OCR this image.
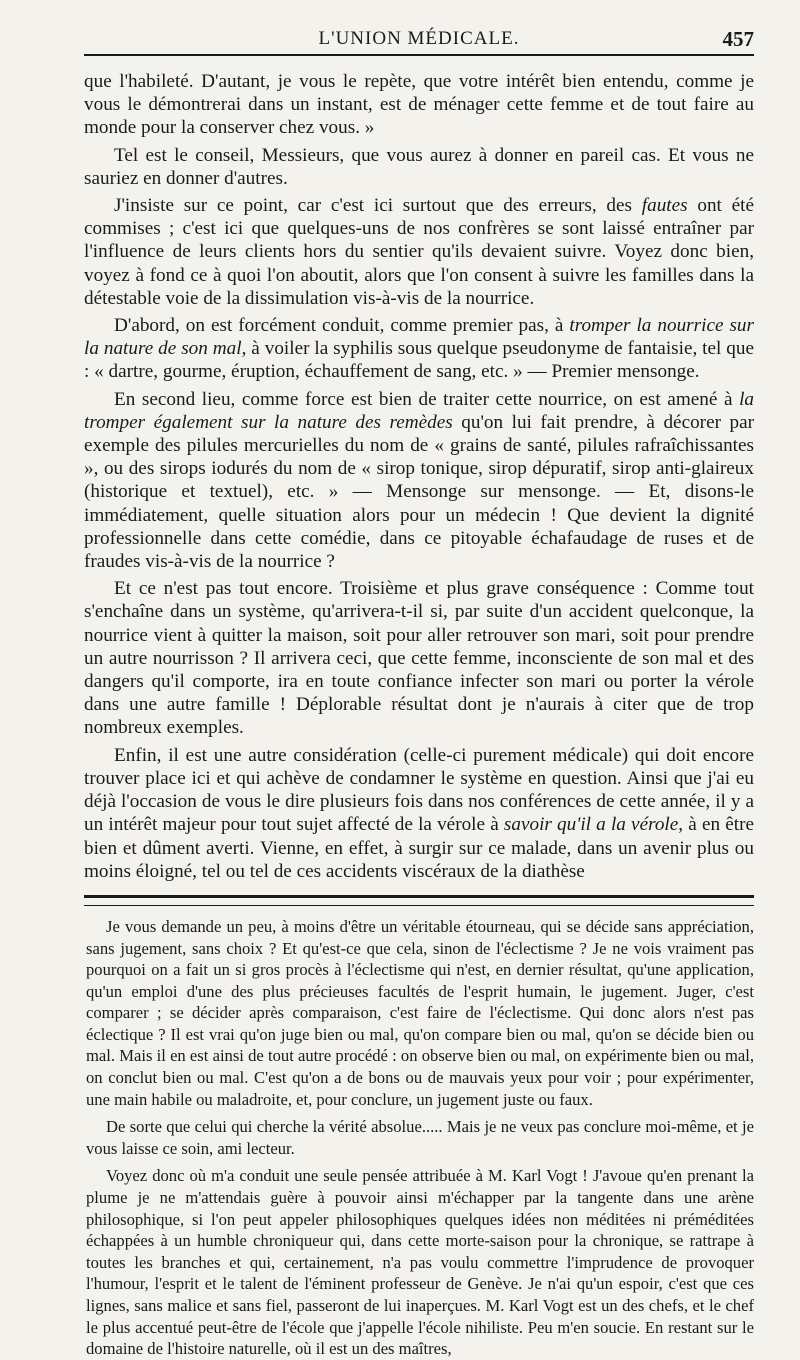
L'UNION MÉDICALE.	457

que l'habileté. D'autant, je vous le repète, que votre intérêt bien entendu, comme je vous le démontrerai dans un instant, est de ménager cette femme et de tout faire au monde pour la conserver chez vous. »

Tel est le conseil, Messieurs, que vous aurez à donner en pareil cas. Et vous ne sauriez en donner d'autres.

J'insiste sur ce point, car c'est ici surtout que des erreurs, des fautes ont été commises ; c'est ici que quelques-uns de nos confrères se sont laissé entraîner par l'influence de leurs clients hors du sentier qu'ils devaient suivre. Voyez donc bien, voyez à fond ce à quoi l'on aboutit, alors que l'on consent à suivre les familles dans la détestable voie de la dissimulation vis-à-vis de la nourrice.

D'abord, on est forcément conduit, comme premier pas, à tromper la nourrice sur la nature de son mal, à voiler la syphilis sous quelque pseudonyme de fantaisie, tel que : « dartre, gourme, éruption, échauffement de sang, etc. » — Premier mensonge.

En second lieu, comme force est bien de traiter cette nourrice, on est amené à la tromper également sur la nature des remèdes qu'on lui fait prendre, à décorer par exemple des pilules mercurielles du nom de « grains de santé, pilules rafraîchissantes », ou des sirops iodurés du nom de « sirop tonique, sirop dépuratif, sirop anti-glaireux (historique et textuel), etc. » — Mensonge sur mensonge. — Et, disons-le immédiatement, quelle situation alors pour un médecin ! Que devient la dignité professionnelle dans cette comédie, dans ce pitoyable échafaudage de ruses et de fraudes vis-à-vis de la nourrice ?

Et ce n'est pas tout encore. Troisième et plus grave conséquence : Comme tout s'enchaîne dans un système, qu'arrivera-t-il si, par suite d'un accident quelconque, la nourrice vient à quitter la maison, soit pour aller retrouver son mari, soit pour prendre un autre nourrisson ? Il arrivera ceci, que cette femme, inconsciente de son mal et des dangers qu'il comporte, ira en toute confiance infecter son mari ou porter la vérole dans une autre famille ! Déplorable résultat dont je n'aurais à citer que de trop nombreux exemples.

Enfin, il est une autre considération (celle-ci purement médicale) qui doit encore trouver place ici et qui achève de condamner le système en question. Ainsi que j'ai eu déjà l'occasion de vous le dire plusieurs fois dans nos conférences de cette année, il y a un intérêt majeur pour tout sujet affecté de la vérole à savoir qu'il a la vérole, à en être bien et dûment averti. Vienne, en effet, à surgir sur ce malade, dans un avenir plus ou moins éloigné, tel ou tel de ces accidents viscéraux de la diathèse

Je vous demande un peu, à moins d'être un véritable étourneau, qui se décide sans appréciation, sans jugement, sans choix ? Et qu'est-ce que cela, sinon de l'éclectisme ? Je ne vois vraiment pas pourquoi on a fait un si gros procès à l'éclectisme qui n'est, en dernier résultat, qu'une application, qu'un emploi d'une des plus précieuses facultés de l'esprit humain, le jugement. Juger, c'est comparer ; se décider après comparaison, c'est faire de l'éclectisme. Qui donc alors n'est pas éclectique ? Il est vrai qu'on juge bien ou mal, qu'on compare bien ou mal, qu'on se décide bien ou mal. Mais il en est ainsi de tout autre procédé : on observe bien ou mal, on expérimente bien ou mal, on conclut bien ou mal. C'est qu'on a de bons ou de mauvais yeux pour voir ; pour expérimenter, une main habile ou maladroite, et, pour conclure, un jugement juste ou faux.

De sorte que celui qui cherche la vérité absolue..... Mais je ne veux pas conclure moi-même, et je vous laisse ce soin, ami lecteur.

Voyez donc où m'a conduit une seule pensée attribuée à M. Karl Vogt ! J'avoue qu'en prenant la plume je ne m'attendais guère à pouvoir ainsi m'échapper par la tangente dans une arène philosophique, si l'on peut appeler philosophiques quelques idées non méditées ni préméditées échappées à un humble chroniqueur qui, dans cette morte-saison pour la chronique, se rattrape à toutes les branches et qui, certainement, n'a pas voulu commettre l'imprudence de provoquer l'humour, l'esprit et le talent de l'éminent professeur de Genève. Je n'ai qu'un espoir, c'est que ces lignes, sans malice et sans fiel, passeront de lui inaperçues. M. Karl Vogt est un des chefs, et le chef le plus accentué peut-être de l'école que j'appelle l'école nihiliste. Peu m'en soucie. En restant sur le domaine de l'histoire naturelle, où il est un des maîtres,
